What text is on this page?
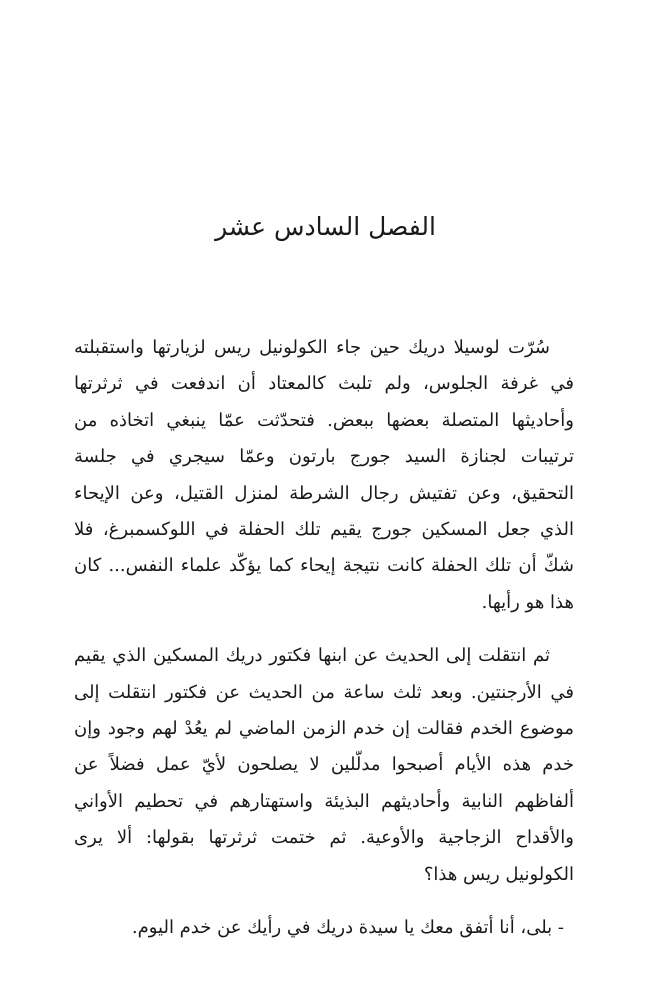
الفصل السادس عشر

سُرّت لوسيلا دريك حين جاء الكولونيل ريس لزيارتها واستقبلته في غرفة الجلوس، ولم تلبث كالمعتاد أن اندفعت في ثرثرتها وأحاديثها المتصلة بعضها ببعض. فتحدّثت عمّا ينبغي اتخاذه من ترتيبات لجنازة السيد جورج بارتون وعمّا سيجري في جلسة التحقيق، وعن تفتيش رجال الشرطة لمنزل القتيل، وعن الإيحاء الذي جعل المسكين جورج يقيم تلك الحفلة في اللوكسمبرغ، فلا شكّ أن تلك الحفلة كانت نتيجة إيحاء كما يؤكّد علماء النفس... كان هذا هو رأيها.

ثم انتقلت إلى الحديث عن ابنها فكتور دريك المسكين الذي يقيم في الأرجنتين. وبعد ثلث ساعة من الحديث عن فكتور انتقلت إلى موضوع الخدم فقالت إن خدم الزمن الماضي لم يعُدْ لهم وجود وإن خدم هذه الأيام أصبحوا مدلّلين لا يصلحون لأيّ عمل فضلاً عن ألفاظهم النابية وأحاديثهم البذيئة واستهتارهم في تحطيم الأواني والأقداح الزجاجية والأوعية. ثم ختمت ثرثرتها بقولها: ألا يرى الكولونيل ريس هذا؟

- بلى، أنا أتفق معك يا سيدة دريك في رأيك عن خدم اليوم.
